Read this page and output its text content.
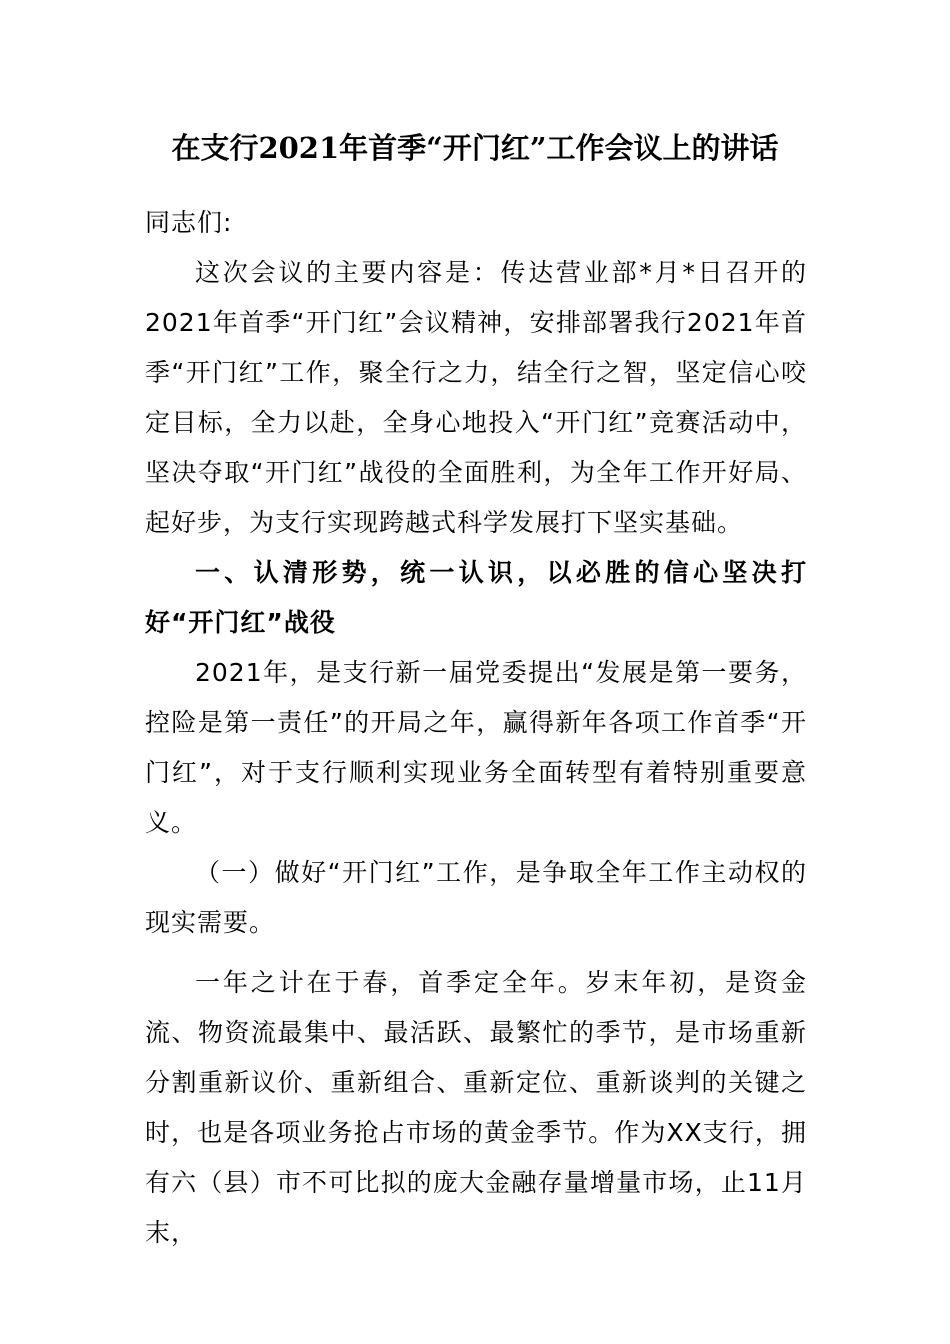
在支行2021年首季“开门红”工作会议上的讲话

同志们:

这次会议的主要内容是：传达营业部*月*日召开的2021年首季“开门红”会议精神，安排部署我行2021年首季“开门红”工作，聚全行之力，结全行之智，坚定信心咬定目标，全力以赴，全身心地投入“开门红”竞赛活动中，坚决夺取“开门红”战役的全面胜利，为全年工作开好局、起好步，为支行实现跨越式科学发展打下坚实基础。

一、认清形势，统一认识，以必胜的信心坚决打好“开门红”战役

2021年，是支行新一届党委提出“发展是第一要务，控险是第一责任”的开局之年，赢得新年各项工作首季“开门红”，对于支行顺利实现业务全面转型有着特别重要意义。

（一）做好“开门红”工作，是争取全年工作主动权的现实需要。

一年之计在于春，首季定全年。岁末年初，是资金流、物资流最集中、最活跃、最繁忙的季节，是市场重新分割重新议价、重新组合、重新定位、重新谈判的关键之时，也是各项业务抢占市场的黄金季节。作为XX支行，拥有六（县）市不可比拟的庞大金融存量增量市场，止11月末，
